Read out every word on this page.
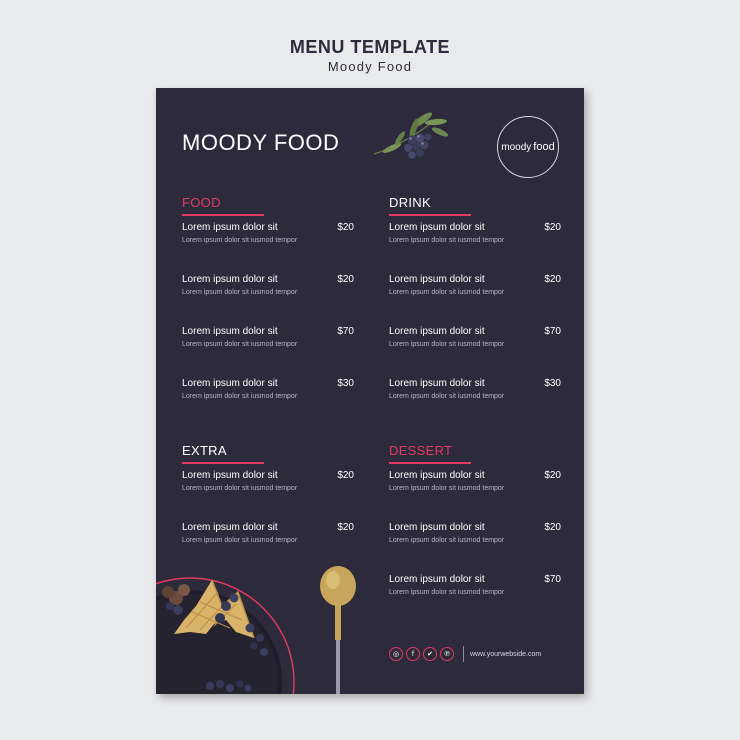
MENU TEMPLATE
Moody Food
MOODY FOOD	moody food
FOOD
Lorem ipsum dolor sit	$20
Lorem ipsum dolor sit iusmod tempor
Lorem ipsum dolor sit	$20
Lorem ipsum dolor sit iusmod tempor
Lorem ipsum dolor sit	$70
Lorem ipsum dolor sit iusmod tempor
Lorem ipsum dolor sit	$30
Lorem ipsum dolor sit iusmod tempor
DRINK
Lorem ipsum dolor sit	$20
Lorem ipsum dolor sit iusmod tempor
Lorem ipsum dolor sit	$20
Lorem ipsum dolor sit iusmod tempor
Lorem ipsum dolor sit	$70
Lorem ipsum dolor sit iusmod tempor
Lorem ipsum dolor sit	$30
Lorem ipsum dolor sit iusmod tempor
EXTRA
Lorem ipsum dolor sit	$20
Lorem ipsum dolor sit iusmod tempor
Lorem ipsum dolor sit	$20
Lorem ipsum dolor sit iusmod tempor
DESSERT
Lorem ipsum dolor sit	$20
Lorem ipsum dolor sit iusmod tempor
Lorem ipsum dolor sit	$20
Lorem ipsum dolor sit iusmod tempor
Lorem ipsum dolor sit	$70
Lorem ipsum dolor sit iusmod tempor
◎	f	✔	℗	www.yourwebside.com
